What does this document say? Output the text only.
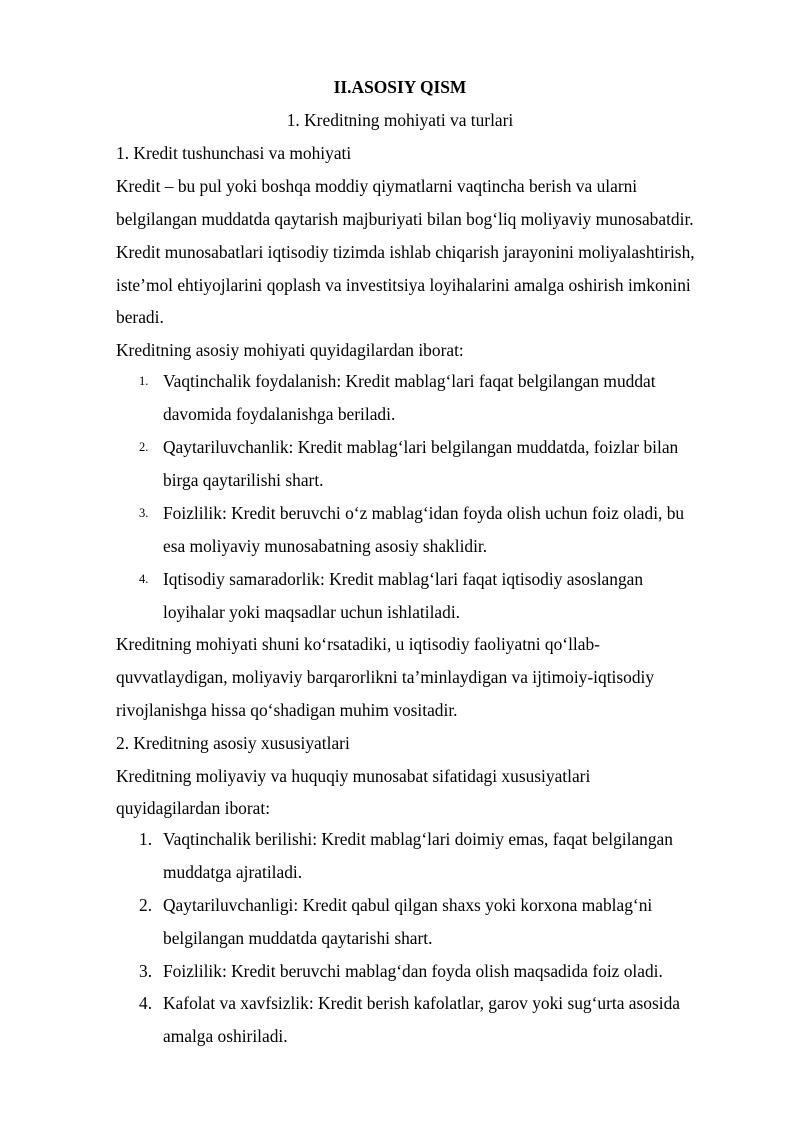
II.ASOSIY QISM
1. Kreditning mohiyati va turlari
1. Kredit tushunchasi va mohiyati
Kredit – bu pul yoki boshqa moddiy qiymatlarni vaqtincha berish va ularni
belgilangan muddatda qaytarish majburiyati bilan bog‘liq moliyaviy munosabatdir.
Kredit munosabatlari iqtisodiy tizimda ishlab chiqarish jarayonini moliyalashtirish,
iste’mol ehtiyojlarini qoplash va investitsiya loyihalarini amalga oshirish imkonini
beradi.
Kreditning asosiy mohiyati quyidagilardan iborat:
1. Vaqtinchalik foydalanish: Kredit mablag‘lari faqat belgilangan muddat
davomida foydalanishga beriladi.
2. Qaytariluvchanlik: Kredit mablag‘lari belgilangan muddatda, foizlar bilan
birga qaytarilishi shart.
3. Foizlilik: Kredit beruvchi o‘z mablag‘idan foyda olish uchun foiz oladi, bu
esa moliyaviy munosabatning asosiy shaklidir.
4. Iqtisodiy samaradorlik: Kredit mablag‘lari faqat iqtisodiy asoslangan
loyihalar yoki maqsadlar uchun ishlatiladi.
Kreditning mohiyati shuni ko‘rsatadiki, u iqtisodiy faoliyatni qo‘llab-
quvvatlaydigan, moliyaviy barqarorlikni ta’minlaydigan va ijtimoiy-iqtisodiy
rivojlanishga hissa qo‘shadigan muhim vositadir.
2. Kreditning asosiy xususiyatlari
Kreditning moliyaviy va huquqiy munosabat sifatidagi xususiyatlari
quyidagilardan iborat:
1. Vaqtinchalik berilishi: Kredit mablag‘lari doimiy emas, faqat belgilangan
muddatga ajratiladi.
2. Qaytariluvchanligi: Kredit qabul qilgan shaxs yoki korxona mablag‘ni
belgilangan muddatda qaytarishi shart.
3. Foizlilik: Kredit beruvchi mablag‘dan foyda olish maqsadida foiz oladi.
4. Kafolat va xavfsizlik: Kredit berish kafolatlar, garov yoki sug‘urta asosida
amalga oshiriladi.
